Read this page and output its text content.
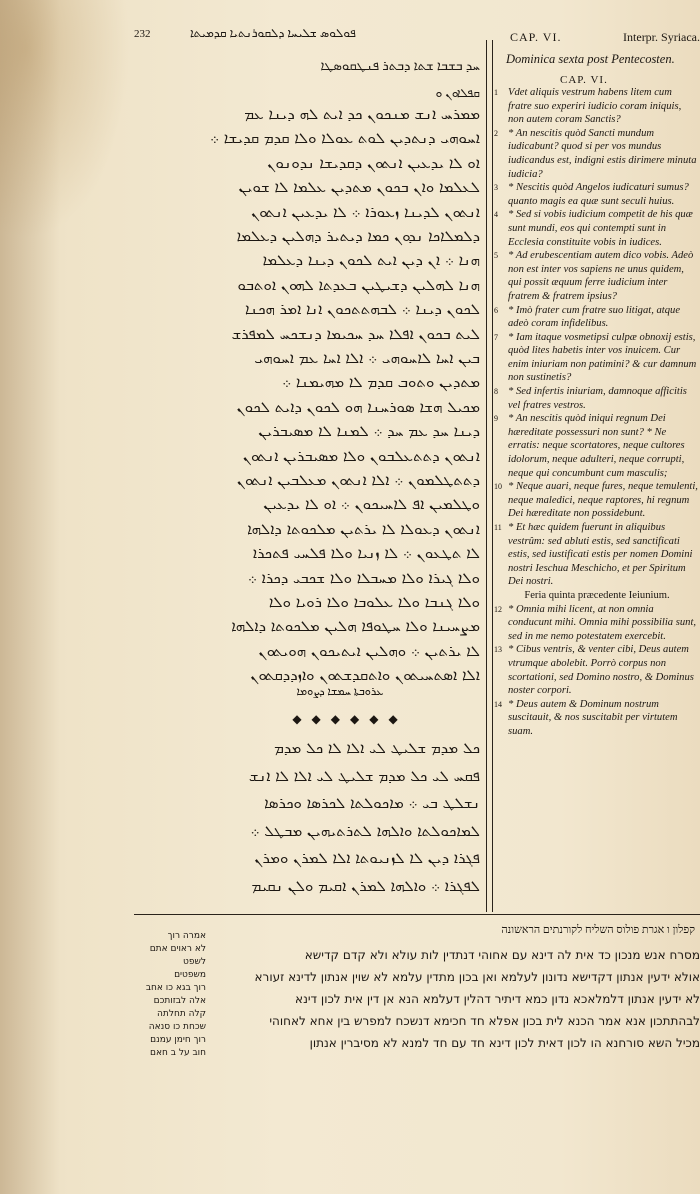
232	ܦܘܠܘܣ ܫܠܝܚܐ ܕܠܩܘܪܢܬܝܐ ܩܕܡܝܬܐ	CAP. VI.	Interpr. Syriaca.
Dominica sexta post Pentecosten.
CAP. VI.
ܚܕ ܒܫܒܐ ܫܬܐ ܕܒܬܪ ܦܢܛܩܘܣܛܐ
ܩܦܠܐܘܢ ܘ
ܡܡܪܚ ܐܢܫ ܡܢܟܘܢ ܟܕ ܐܝܬ ܠܗ ܕܝܢܐ ܥܡ
ܐܚܘܗܝ ܕܢܬܕܝܢ ܠܘܬ ܥܘܠܐ ܘܠܐ ܩܕܡ ܩܕܝܫܐ ܀
ܐܘ ܠܐ ܝܕܥܝܢ ܐܢܬܘܢ ܕܩܕܝܫܐ ܢܕܘܢܘܢ
ܠܥܠܡܐ ܘܐܢ ܒܟܘܢ ܡܬܕܝܢ ܥܠܡܐ ܠܐ ܫܘܝܢ
ܐܢܬܘܢ ܠܕܝܢܐ ܙܥܘܪܐ ܀ ܠܐ ܝܕܥܝܢ ܐܢܬܘܢ
ܕܠܡܠܐܟܐ ܢܕܘܢ ܟܡܐ ܕܝܬܝܪ ܕܗܠܝܢ ܕܥܠܡܐ
ܗܢܐ ܀ ܐܢ ܕܝܢ ܐܝܬ ܠܟܘܢ ܕܝܢܐ ܕܥܠܡܐ
ܗܢܐ ܠܗܠܝܢ ܕܫܝܛܝܢ ܒܥܕܬܐ ܠܗܘܢ ܐܘܬܒܘ
ܠܟܘܢ ܕܝܢܐ ܀ ܠܒܗܬܬܟܘܢ ܐܢܐ ܐܡܪ ܗܟܢܐ
ܠܝܬ ܒܟܘܢ ܐܦܠܐ ܚܕ ܚܟܝܡܐ ܕܢܫܟܚ ܠܡܦܪܫ
ܒܝܢ ܐܚܐ ܠܐܚܘܗܝ ܀ ܐܠܐ ܐܚܐ ܥܡ ܐܚܘܗܝ
ܡܬܕܝܢ ܘܬܘܒ ܩܕܡ ܠܐ ܡܗܝܡܢܐ ܀
ܡܟܝܠ ܗܫܐ ܣܘܪܚܢܐ ܗܘ ܠܟܘܢ ܕܐܝܬ ܠܟܘܢ
ܕܝܢܐ ܚܕ ܥܡ ܚܕ ܀ ܠܡܢܐ ܠܐ ܡܣܝܒܪܝܢ
ܐܢܬܘܢ ܕܬܬܥܠܒܘܢ ܘܠܐ ܡܣܝܒܪܝܢ ܐܢܬܘܢ
ܕܬܬܛܠܡܘܢ ܀ ܐܠܐ ܐܢܬܘܢ ܡܥܠܒܝܢ ܐܢܬܘܢ
ܘܛܠܡܝܢ ܐܦ ܠܐܚܝܟܘܢ ܀ ܐܘ ܠܐ ܝܕܥܝܢ
ܐܢܬܘܢ ܕܥܘܠܐ ܠܐ ܝܪܬܝܢ ܡܠܟܘܬܐ ܕܐܠܗܐ
ܠܐ ܬܛܥܘܢ ܀ ܠܐ ܙܢܝܐ ܘܠܐ ܦܠܚܝ ܦܬܟܪܐ
ܘܠܐ ܓܝܪܐ ܘܠܐ ܡܚܒܠܐ ܘܠܐ ܫܟܒܝ ܕܟܪܐ ܀
ܘܠܐ ܓܢܒܐ ܘܠܐ ܥܠܘܒܐ ܘܠܐ ܪܘܝܐ ܘܠܐ
ܡܨܚܝܢܐ ܘܠܐ ܚܛܘܦܐ ܗܠܝܢ ܡܠܟܘܬܐ ܕܐܠܗܐ
ܠܐ ܝܪܬܝܢ ܀ ܘܗܠܝܢ ܐܝܬܝܟܘܢ ܗܘܝܬܘܢ
ܐܠܐ ܐܣܬܚܝܬܘܢ ܘܐܬܩܕܫܬܘܢ ܘܐܙܕܕܩܬܘܢ
ܥܪܘܒܬܐ ܚܡܫܐ ܕܨܘܡܐ
◆◆◆◆◆◆
ܟܠ ܡܕܡ ܫܠܝܛ ܠܝ ܐܠܐ ܠܐ ܟܠ ܡܕܡ
ܦܩܚ ܠܝ ܟܠ ܡܕܡ ܫܠܝܛ ܠܝ ܐܠܐ ܠܐ ܐܢܫ
ܢܫܠܛ ܒܝ ܀ ܡܐܟܘܠܬܐ ܠܟܪܣܐ ܘܟܪܣܐ
ܠܡܐܟܘܠܬܐ ܘܐܠܗܐ ܠܬܪܬܝܗܝܢ ܡܒܛܠ ܀
ܦܓܪܐ ܕܝܢ ܠܐ ܠܙܢܝܘܬܐ ܐܠܐ ܠܡܪܢ ܘܡܪܢ
ܠܦܓܪܐ ܀ ܘܐܠܗܐ ܠܡܪܢ ܐܩܝܡ ܘܠܢ ܢܩܝܡ

1 Vdet aliquis vestrum habens litem cum fratre suo experiri iudicio coram iniquis, non autem coram Sanctis?

2 * An nescitis quòd Sancti mundum iudicabunt? quod si per vos mundus iudicandus est, indigni estis dirimere minuta iudicia?

3 * Nescitis quòd Angelos iudicaturi sumus? quanto magis ea quæ sunt seculi huius.

4 * Sed si vobis iudicium competit de his quæ sunt mundi, eos qui contempti sunt in Ecclesia constituite vobis in iudices.

5 * Ad erubescentiam autem dico vobis. Adeò non est inter vos sapiens ne unus quidem, qui possit æquum ferre iudicium inter fratrem & fratrem ipsius?

6 * Imò frater cum fratre suo litigat, atque adeò coram infidelibus.

7 * Iam itaque vosmetipsi culpæ obnoxij estis, quòd lites habetis inter vos inuicem. Cur enim iniuriam non patimini? & cur damnum non sustinetis?

8 * Sed infertis iniuriam, damnoque afficitis vel fratres vestros.

9 * An nescitis quòd iniqui regnum Dei hæreditate possessuri non sunt? * Ne erratis: neque scortatores, neque cultores idolorum, neque adulteri, neque corrupti, neque qui concumbunt cum masculis;

10 * Neque auari, neque fures, neque temulenti, neque maledici, neque raptores, hi regnum Dei hæreditate non possidebunt.

11 * Et hæc quidem fuerunt in aliquibus vestrûm: sed abluti estis, sed sanctificati estis, sed iustificati estis per nomen Domini nostri Ieschua Meschicho, et per Spiritum Dei nostri.

Feria quinta præcedente Ieiunium.

12 * Omnia mihi licent, at non omnia conducunt mihi. Omnia mihi possibilia sunt, sed in me nemo potestatem exercebit.

13 * Cibus ventris, & venter cibi, Deus autem vtrumque abolebit. Porrò corpus non scortationi, sed Domino nostro, & Dominus noster corpori.

14 * Deus autem & Dominum nostrum suscitauit, & nos suscitabit per virtutem suam.

קפלון ו אגרת פולוס השליח לקורנתים הראשונה
מסרח אנש מנכון כד אית לה דינא עם אחוהי דנתדין לות עולא ולא קדם קדישא
אולא ידעין אנתון דקדישא נדונון לעלמא ואן בכון מתדין עלמא לא שוין אנתון לדינא זעורא
לא ידעין אנתון דלמלאכא נדון כמא דיתיר דהלין דעלמא הנא אן דין אית לכון דינא
לבהתתכון אנא אמר הכנא לית בכון אפלא חד חכימא דנשכח למפרש בין אחא לאחוהי
מכיל השא סורחנא הו לכון דאית לכון דינא חד עם חד למנא לא מסיברין אנתון
אמרה רוך
לא ראוים אתם לשפט
משפטים
רוך בגא כו אחב
אלה לבזותכם
קלה תחלתה
שכחת כו סנאה
רוך חימן עמנם
חוב על ב חאם
